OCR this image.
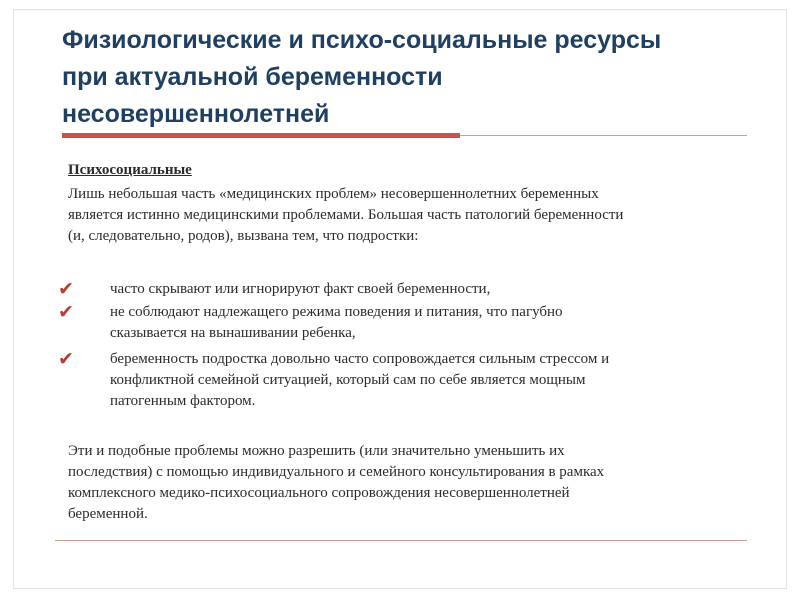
Физиологические и психо-социальные ресурсы
при актуальной беременности
несовершеннолетней
Психосоциальные
Лишь небольшая часть «медицинских проблем» несовершеннолетних беременных
является истинно медицинскими проблемами. Большая часть патологий беременности
(и, следовательно, родов), вызвана тем, что подростки:
✔ часто скрывают или игнорируют факт своей беременности,
✔ не соблюдают надлежащего режима поведения и питания, что пагубно
сказывается на вынашивании ребенка,
✔ беременность подростка довольно часто сопровождается сильным стрессом и
конфликтной семейной ситуацией, который сам по себе является мощным
патогенным фактором.
Эти и подобные проблемы можно разрешить (или значительно уменьшить их
последствия) с помощью индивидуального и семейного консультирования в рамках
комплексного медико-психосоциального сопровождения несовершеннолетней
беременной.
